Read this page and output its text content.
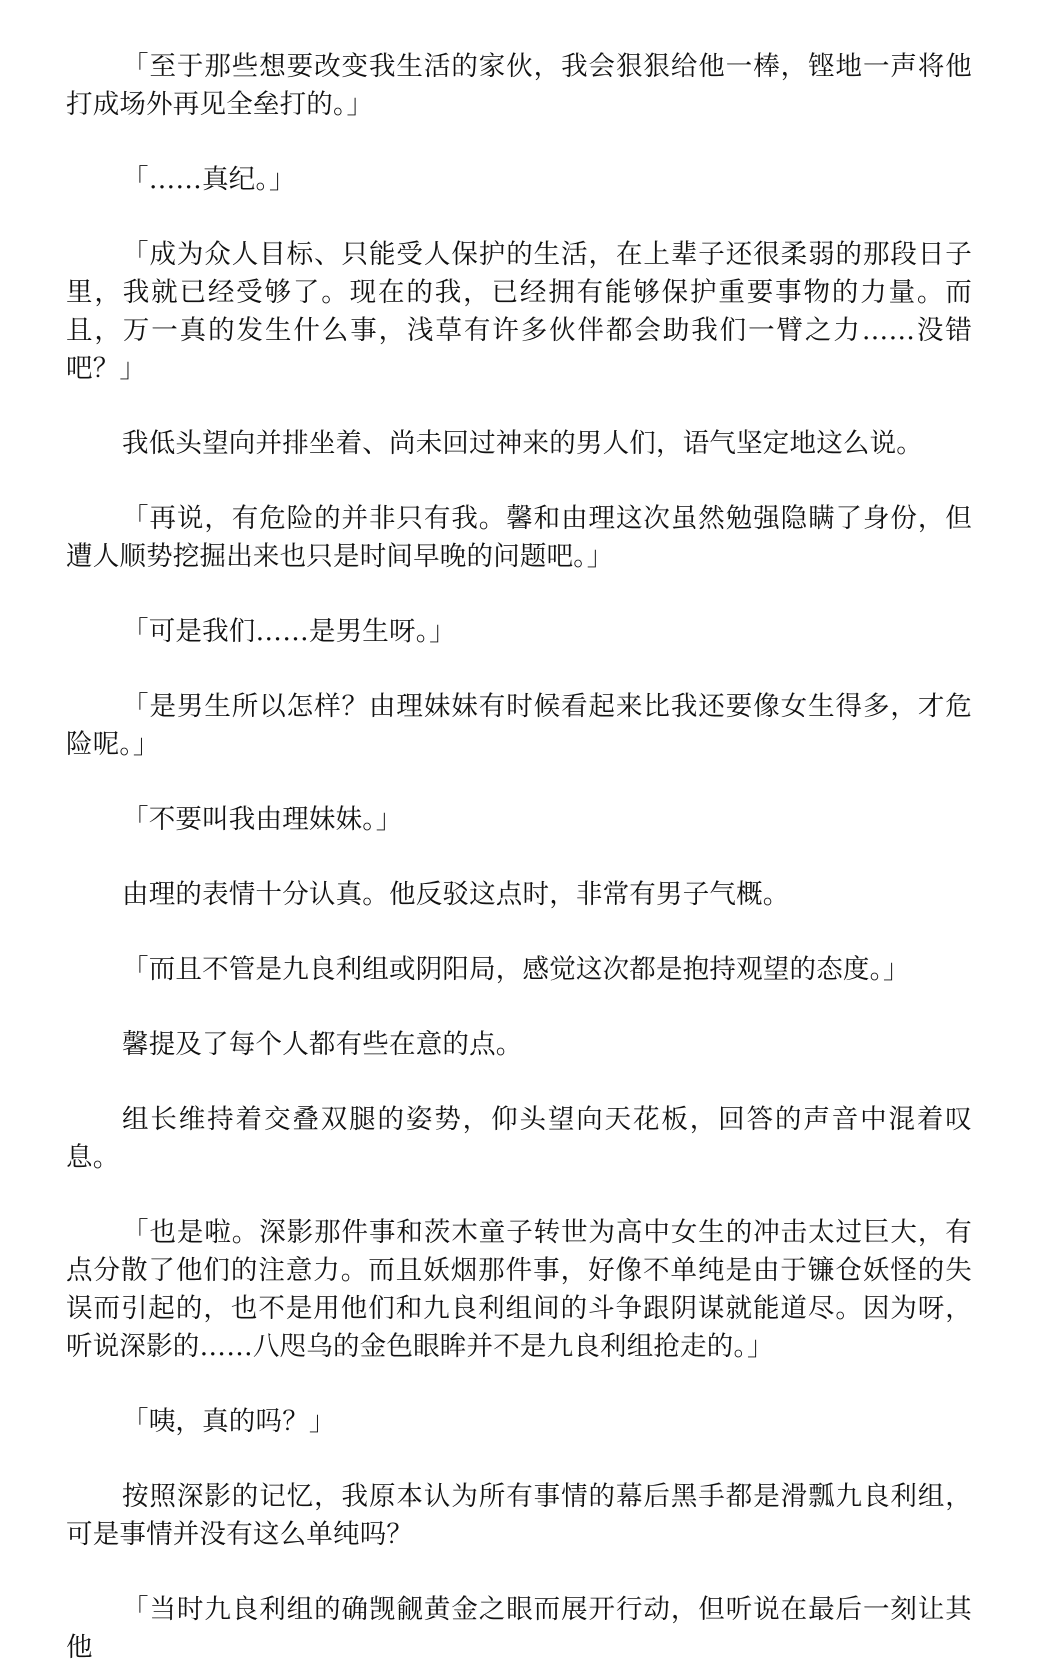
「至于那些想要改变我生活的家伙，我会狠狠给他一棒，铿地一声将他打成场外再见全垒打的。」

「……真纪。」

「成为众人目标、只能受人保护的生活，在上辈子还很柔弱的那段日子里，我就已经受够了。现在的我，已经拥有能够保护重要事物的力量。而且，万一真的发生什么事，浅草有许多伙伴都会助我们一臂之力……没错吧？」

我低头望向并排坐着、尚未回过神来的男人们，语气坚定地这么说。

「再说，有危险的并非只有我。馨和由理这次虽然勉强隐瞒了身份，但遭人顺势挖掘出来也只是时间早晚的问题吧。」

「可是我们……是男生呀。」

「是男生所以怎样？由理妹妹有时候看起来比我还要像女生得多，才危险呢。」

「不要叫我由理妹妹。」

由理的表情十分认真。他反驳这点时，非常有男子气概。

「而且不管是九良利组或阴阳局，感觉这次都是抱持观望的态度。」

馨提及了每个人都有些在意的点。

组长维持着交叠双腿的姿势，仰头望向天花板，回答的声音中混着叹息。

「也是啦。深影那件事和茨木童子转世为高中女生的冲击太过巨大，有点分散了他们的注意力。而且妖烟那件事，好像不单纯是由于镰仓妖怪的失误而引起的，也不是用他们和九良利组间的斗争跟阴谋就能道尽。因为呀，听说深影的……八咫乌的金色眼眸并不是九良利组抢走的。」

「咦，真的吗？」

按照深影的记忆，我原本认为所有事情的幕后黑手都是滑瓢九良利组，可是事情并没有这么单纯吗？

「当时九良利组的确觊觎黄金之眼而展开行动，但听说在最后一刻让其他
